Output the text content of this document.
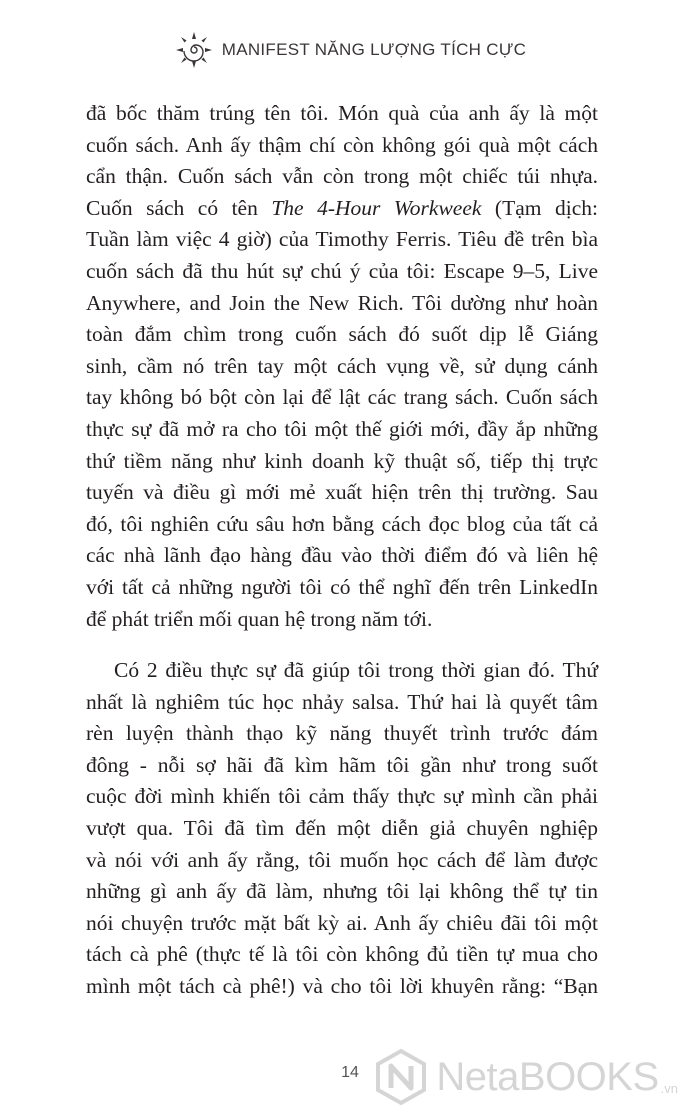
MANIFEST NĂNG LƯỢNG TÍCH CỰC
đã bốc thăm trúng tên tôi. Món quà của anh ấy là một
cuốn sách. Anh ấy thậm chí còn không gói quà một cách
cẩn thận. Cuốn sách vẫn còn trong một chiếc túi nhựa.
Cuốn sách có tên The 4-Hour Workweek (Tạm dịch:
Tuần làm việc 4 giờ) của Timothy Ferris. Tiêu đề trên bìa
cuốn sách đã thu hút sự chú ý của tôi: Escape 9–5, Live
Anywhere, and Join the New Rich. Tôi dường như hoàn
toàn đắm chìm trong cuốn sách đó suốt dịp lễ Giáng
sinh, cầm nó trên tay một cách vụng về, sử dụng cánh
tay không bó bột còn lại để lật các trang sách. Cuốn sách
thực sự đã mở ra cho tôi một thế giới mới, đầy ắp những
thứ tiềm năng như kinh doanh kỹ thuật số, tiếp thị trực
tuyến và điều gì mới mẻ xuất hiện trên thị trường. Sau
đó, tôi nghiên cứu sâu hơn bằng cách đọc blog của tất cả
các nhà lãnh đạo hàng đầu vào thời điểm đó và liên hệ
với tất cả những người tôi có thể nghĩ đến trên LinkedIn
để phát triển mối quan hệ trong năm tới.
Có 2 điều thực sự đã giúp tôi trong thời gian đó. Thứ
nhất là nghiêm túc học nhảy salsa. Thứ hai là quyết tâm
rèn luyện thành thạo kỹ năng thuyết trình trước đám
đông - nỗi sợ hãi đã kìm hãm tôi gần như trong suốt
cuộc đời mình khiến tôi cảm thấy thực sự mình cần phải
vượt qua. Tôi đã tìm đến một diễn giả chuyên nghiệp
và nói với anh ấy rằng, tôi muốn học cách để làm được
những gì anh ấy đã làm, nhưng tôi lại không thể tự tin
nói chuyện trước mặt bất kỳ ai. Anh ấy chiêu đãi tôi một
tách cà phê (thực tế là tôi còn không đủ tiền tự mua cho
mình một tách cà phê!) và cho tôi lời khuyên rằng: “Bạn
14	NetaBOOKS .vn
